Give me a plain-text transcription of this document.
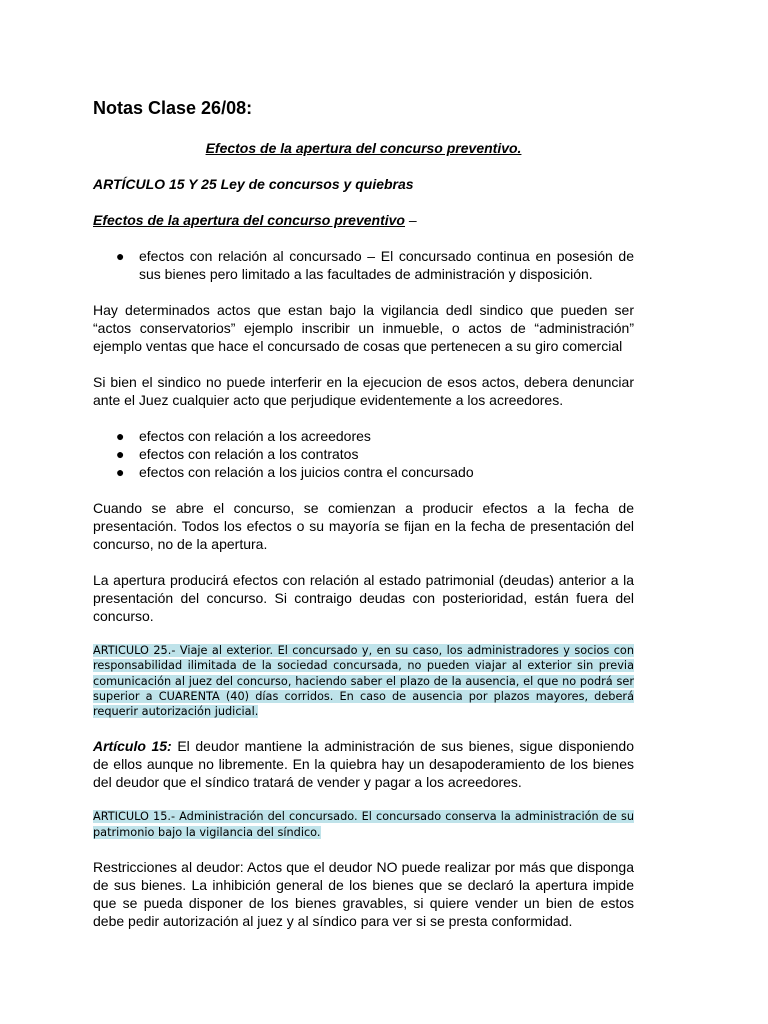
Notas Clase 26/08:

Efectos de la apertura del concurso preventivo.

ARTÍCULO 15 Y 25 Ley de concursos y quiebras

Efectos de la apertura del concurso preventivo –

● efectos con relación al concursado – El concursado continua en posesión de sus bienes pero limitado a las facultades de administración y disposición.

Hay determinados actos que estan bajo la vigilancia dedl sindico que pueden ser “actos conservatorios” ejemplo inscribir un inmueble, o actos de “administración” ejemplo ventas que hace el concursado de cosas que pertenecen a su giro comercial

Si bien el sindico no puede interferir en la ejecucion de esos actos, debera denunciar ante el Juez cualquier acto que perjudique evidentemente a los acreedores.

● efectos con relación a los acreedores
● efectos con relación a los contratos
● efectos con relación a los juicios contra el concursado

Cuando se abre el concurso, se comienzan a producir efectos a la fecha de presentación. Todos los efectos o su mayoría se fijan en la fecha de presentación del concurso, no de la apertura.

La apertura producirá efectos con relación al estado patrimonial (deudas) anterior a la presentación del concurso. Si contraigo deudas con posterioridad, están fuera del concurso.

ARTICULO 25.- Viaje al exterior. El concursado y, en su caso, los administradores y socios con responsabilidad ilimitada de la sociedad concursada, no pueden viajar al exterior sin previa comunicación al juez del concurso, haciendo saber el plazo de la ausencia, el que no podrá ser superior a CUARENTA (40) días corridos. En caso de ausencia por plazos mayores, deberá requerir autorización judicial.

Artículo 15: El deudor mantiene la administración de sus bienes, sigue disponiendo de ellos aunque no libremente. En la quiebra hay un desapoderamiento de los bienes del deudor que el síndico tratará de vender y pagar a los acreedores.

ARTICULO 15.- Administración del concursado. El concursado conserva la administración de su patrimonio bajo la vigilancia del síndico.

Restricciones al deudor: Actos que el deudor NO puede realizar por más que disponga de sus bienes. La inhibición general de los bienes que se declaró la apertura impide que se pueda disponer de los bienes gravables, si quiere vender un bien de estos debe pedir autorización al juez y al síndico para ver si se presta conformidad.
